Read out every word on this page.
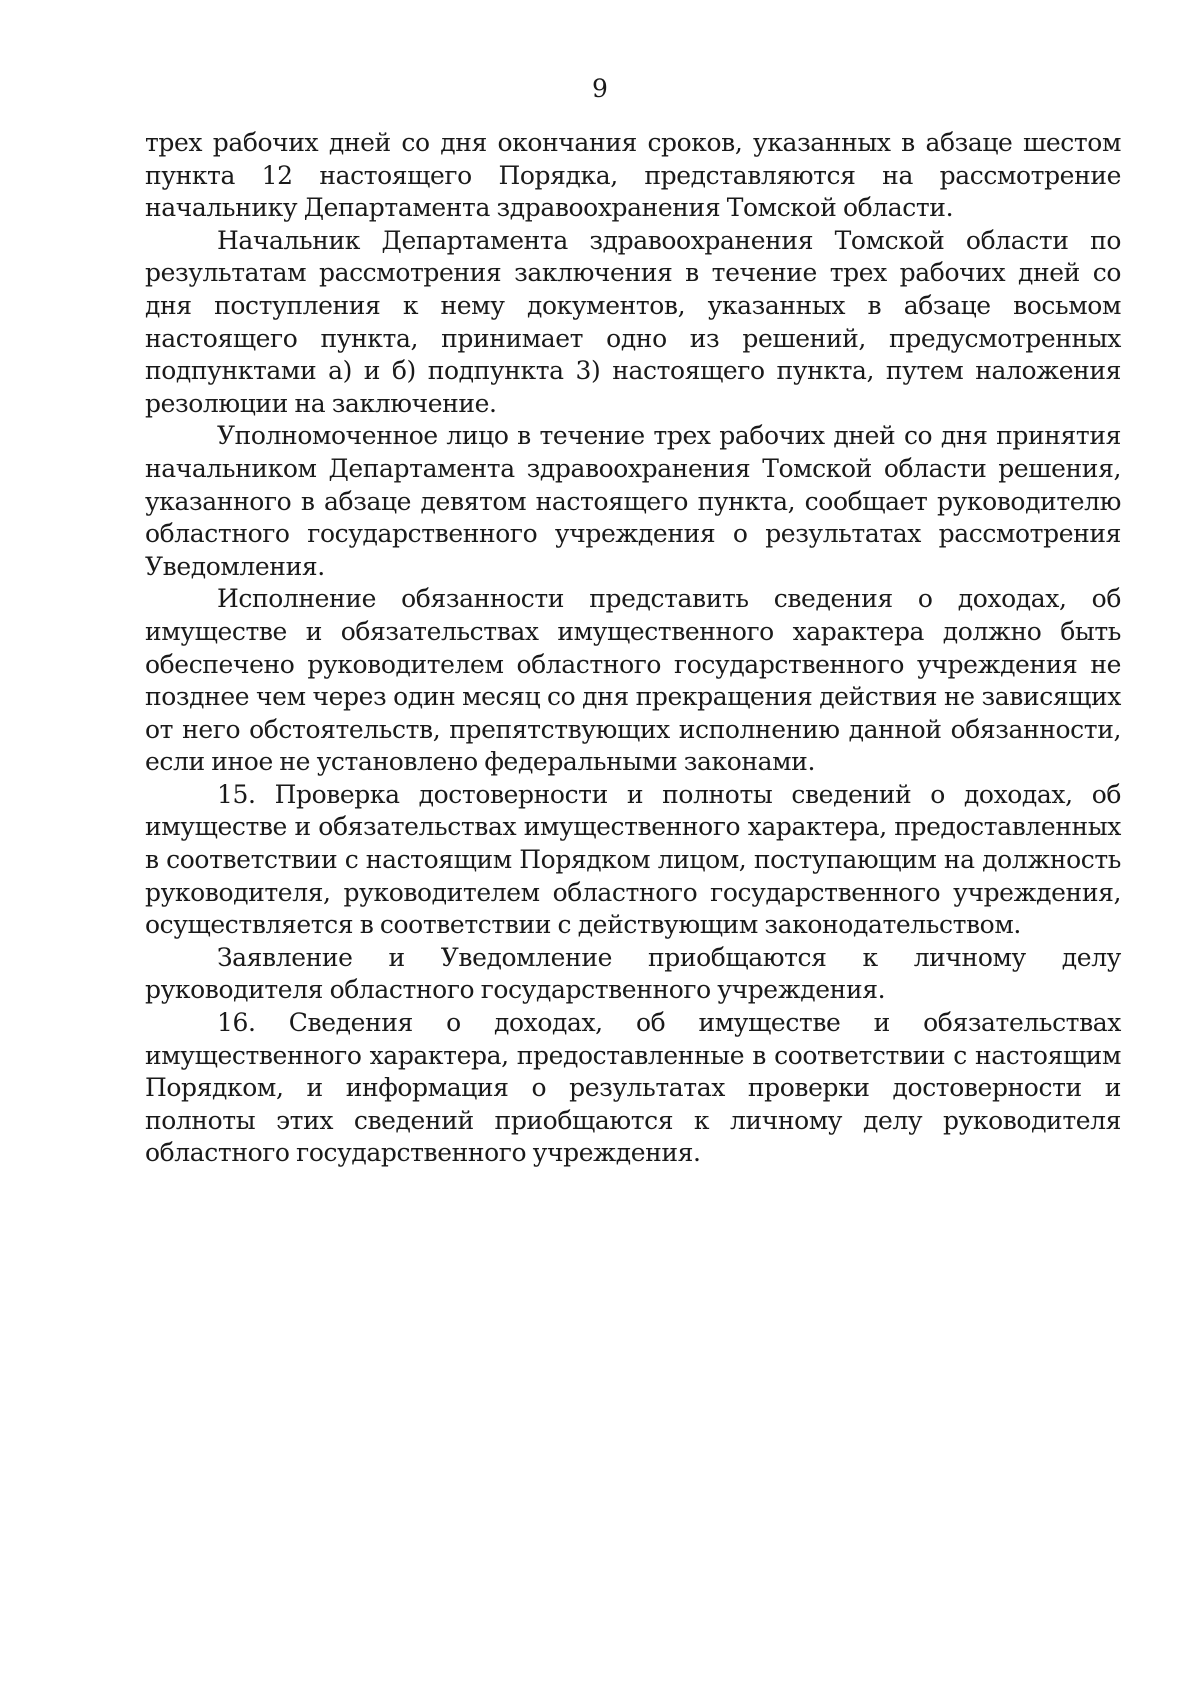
9

трех рабочих дней со дня окончания сроков, указанных в абзаце шестом пункта 12 настоящего Порядка, представляются на рассмотрение начальнику Департамента здравоохранения Томской области.

Начальник Департамента здравоохранения Томской области по результатам рассмотрения заключения в течение трех рабочих дней со дня поступления к нему документов, указанных в абзаце восьмом настоящего пункта, принимает одно из решений, предусмотренных подпунктами а) и б) подпункта 3) настоящего пункта, путем наложения резолюции на заключение.

Уполномоченное лицо в течение трех рабочих дней со дня принятия начальником Департамента здравоохранения Томской области решения, указанного в абзаце девятом настоящего пункта, сообщает руководителю областного государственного учреждения о результатах рассмотрения Уведомления.

Исполнение обязанности представить сведения о доходах, об имуществе и обязательствах имущественного характера должно быть обеспечено руководителем областного государственного учреждения не позднее чем через один месяц со дня прекращения действия не зависящих от него обстоятельств, препятствующих исполнению данной обязанности, если иное не установлено федеральными законами.

15. Проверка достоверности и полноты сведений о доходах, об имуществе и обязательствах имущественного характера, предоставленных в соответствии с настоящим Порядком лицом, поступающим на должность руководителя, руководителем областного государственного учреждения, осуществляется в соответствии с действующим законодательством.

Заявление и Уведомление приобщаются к личному делу руководителя областного государственного учреждения.

16. Сведения о доходах, об имуществе и обязательствах имущественного характера, предоставленные в соответствии с настоящим Порядком, и информация о результатах проверки достоверности и полноты этих сведений приобщаются к личному делу руководителя областного государственного учреждения.
